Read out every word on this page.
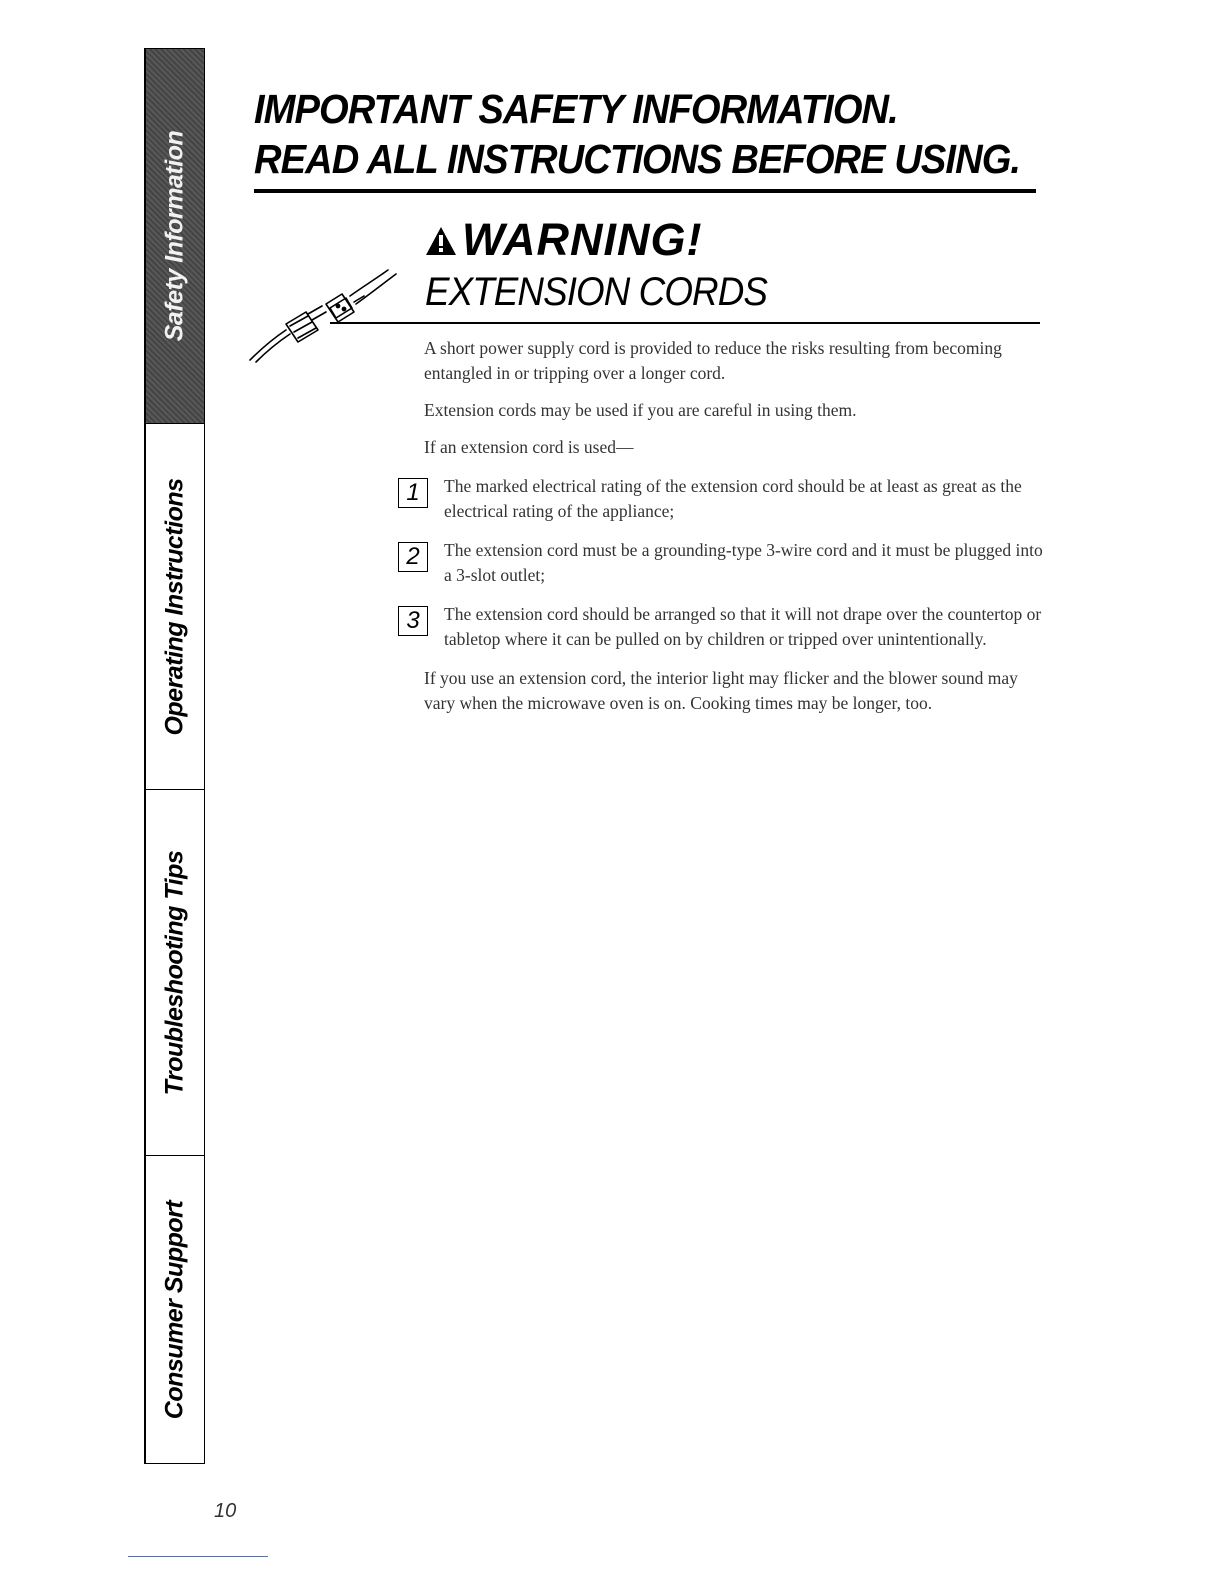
Safety Information
Operating Instructions
Troubleshooting Tips
Consumer Support
IMPORTANT SAFETY INFORMATION.
READ ALL INSTRUCTIONS BEFORE USING.
WARNING!
EXTENSION CORDS

A short power supply cord is provided to reduce the risks resulting from becoming entangled in or tripping over a longer cord.

Extension cords may be used if you are careful in using them.

If an extension cord is used—

1	The marked electrical rating of the extension cord should be at least as great as the electrical rating of the appliance;
2	The extension cord must be a grounding-type 3-wire cord and it must be plugged into a 3-slot outlet;
3	The extension cord should be arranged so that it will not drape over the countertop or tabletop where it can be pulled on by children or tripped over unintentionally.

If you use an extension cord, the interior light may flicker and the blower sound may vary when the microwave oven is on. Cooking times may be longer, too.

10
